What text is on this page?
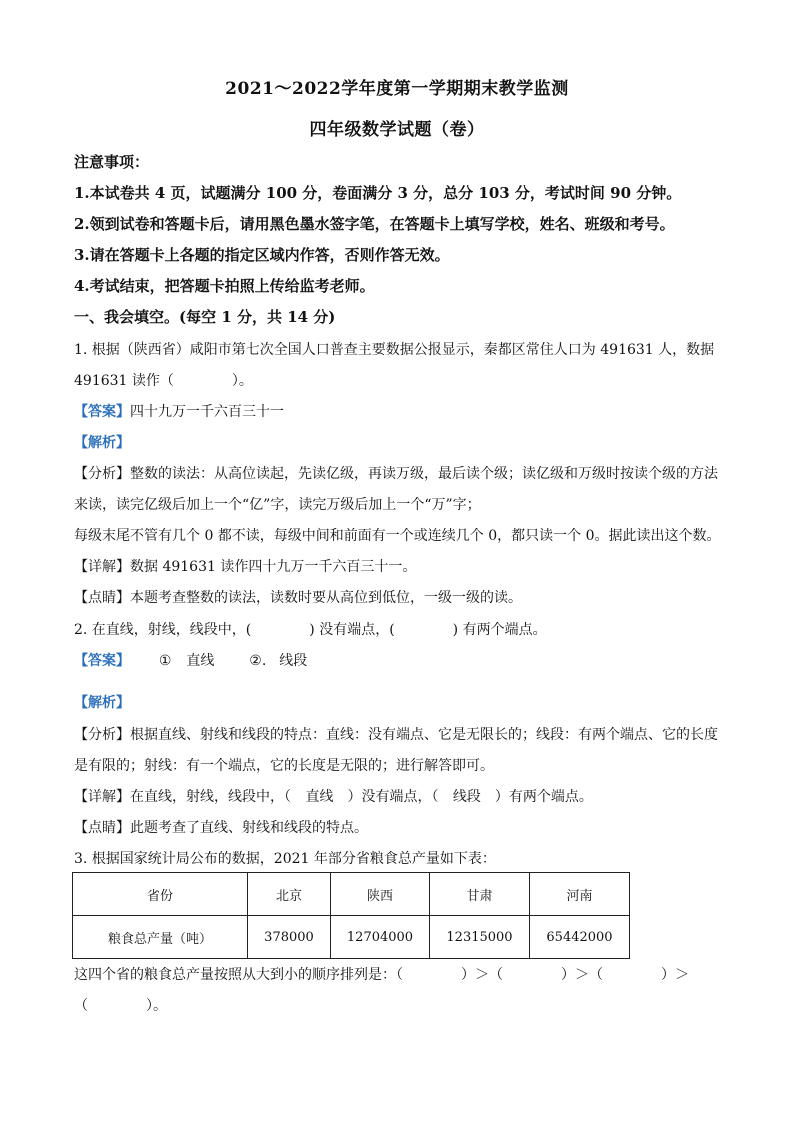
2021～2022学年度第一学期期末教学监测
四年级数学试题（卷）
注意事项：
1.本试卷共 4 页，试题满分 100 分，卷面满分 3 分，总分 103 分，考试时间 90 分钟。
2.领到试卷和答题卡后，请用黑色墨水签字笔，在答题卡上填写学校，姓名、班级和考号。
3.请在答题卡上各题的指定区域内作答，否则作答无效。
4.考试结束，把答题卡拍照上传给监考老师。
一、我会填空。(每空 1 分，共 14 分)
1. 根据（陕西省）咸阳市第七次全国人口普查主要数据公报显示，秦都区常住人口为 491631 人，数据
491631 读作（	）。
【答案】四十九万一千六百三十一
【解析】
【分析】整数的读法：从高位读起，先读亿级，再读万级，最后读个级；读亿级和万级时按读个级的方法
来读，读完亿级后加上一个“亿”字，读完万级后加上一个“万”字；
每级末尾不管有几个 0 都不读，每级中间和前面有一个或连续几个 0，都只读一个 0。据此读出这个数。
【详解】数据 491631 读作四十九万一千六百三十一。
【点睛】本题考查整数的读法，读数时要从高位到低位，一级一级的读。
2. 在直线，射线，线段中，(	) 没有端点，(	) 有两个端点。
【答案】 ① 直线 ②. 线段
【解析】
【分析】根据直线、射线和线段的特点：直线：没有端点、它是无限长的；线段：有两个端点、它的长度
是有限的；射线：有一个端点，它的长度是无限的；进行解答即可。
【详解】在直线，射线，线段中，（ 直线 ）没有端点，（ 线段 ）有两个端点。
【点睛】此题考查了直线、射线和线段的特点。
3. 根据国家统计局公布的数据，2021 年部分省粮食总产量如下表：
省份	北京	陕西	甘肃	河南
粮食总产量（吨）	378000	12704000	12315000	65442000
这四个省的粮食总产量按照从大到小的顺序排列是：（	）＞（	）＞（	）＞
（	）。
